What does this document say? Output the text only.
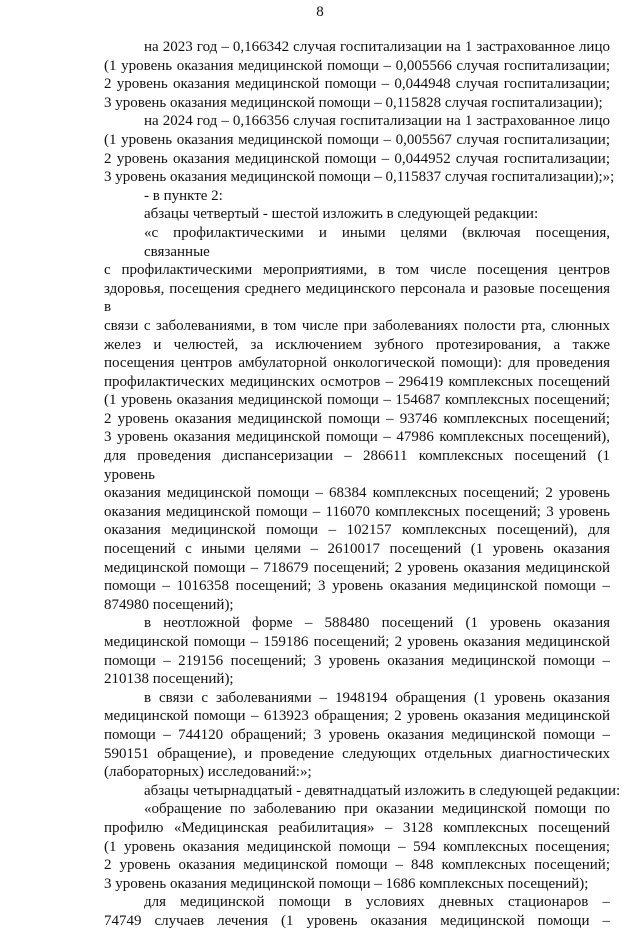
8
на 2023 год – 0,166342 случая госпитализации на 1 застрахованное лицо
(1 уровень оказания медицинской помощи – 0,005566 случая госпитализации;
2 уровень оказания медицинской помощи – 0,044948 случая госпитализации;
3 уровень оказания медицинской помощи – 0,115828 случая госпитализации);
на 2024 год – 0,166356 случая госпитализации на 1 застрахованное лицо
(1 уровень оказания медицинской помощи – 0,005567 случая госпитализации;
2 уровень оказания медицинской помощи – 0,044952 случая госпитализации;
3 уровень оказания медицинской помощи – 0,115837 случая госпитализации);»;
- в пункте 2:
абзацы четвертый - шестой изложить в следующей редакции:
«с профилактическими и иными целями (включая посещения, связанные
с профилактическими мероприятиями, в том числе посещения центров
здоровья, посещения среднего медицинского персонала и разовые посещения в
связи с заболеваниями, в том числе при заболеваниях полости рта, слюнных
желез и челюстей, за исключением зубного протезирования, а также
посещения центров амбулаторной онкологической помощи): для проведения
профилактических медицинских осмотров – 296419 комплексных посещений
(1 уровень оказания медицинской помощи – 154687 комплексных посещений;
2 уровень оказания медицинской помощи – 93746 комплексных посещений;
3 уровень оказания медицинской помощи – 47986 комплексных посещений),
для проведения диспансеризации – 286611 комплексных посещений (1 уровень
оказания медицинской помощи – 68384 комплексных посещений; 2 уровень
оказания медицинской помощи – 116070 комплексных посещений; 3 уровень
оказания медицинской помощи – 102157 комплексных посещений), для
посещений с иными целями – 2610017 посещений (1 уровень оказания
медицинской помощи – 718679 посещений; 2 уровень оказания медицинской
помощи – 1016358 посещений; 3 уровень оказания медицинской помощи –
874980 посещений);
в неотложной форме – 588480 посещений (1 уровень оказания
медицинской помощи – 159186 посещений; 2 уровень оказания медицинской
помощи – 219156 посещений; 3 уровень оказания медицинской помощи –
210138 посещений);
в связи с заболеваниями – 1948194 обращения (1 уровень оказания
медицинской помощи – 613923 обращения; 2 уровень оказания медицинской
помощи – 744120 обращений; 3 уровень оказания медицинской помощи –
590151 обращение), и проведение следующих отдельных диагностических
(лабораторных) исследований:»;
абзацы четырнадцатый - девятнадцатый изложить в следующей редакции:
«обращение по заболеванию при оказании медицинской помощи по
профилю «Медицинская реабилитация» – 3128 комплексных посещений
(1 уровень оказания медицинской помощи – 594 комплексных посещения;
2 уровень оказания медицинской помощи – 848 комплексных посещений;
3 уровень оказания медицинской помощи – 1686 комплексных посещений);
для медицинской помощи в условиях дневных стационаров –
74749 случаев лечения (1 уровень оказания медицинской помощи –
